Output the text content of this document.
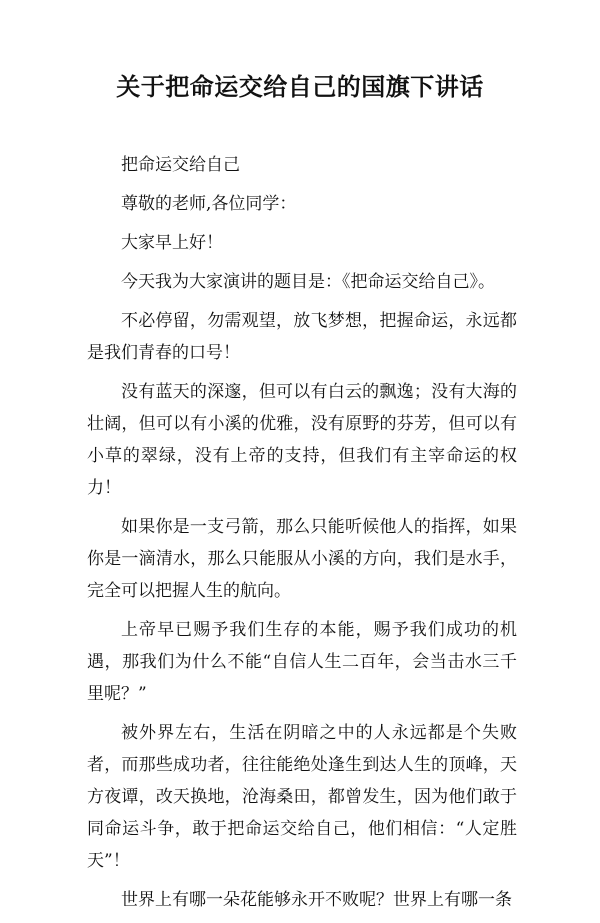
关于把命运交给自己的国旗下讲话

把命运交给自己

尊敬的老师,各位同学：

大家早上好！

今天我为大家演讲的题目是：《把命运交给自己》。

不必停留，勿需观望，放飞梦想，把握命运，永远都是我们青春的口号！

没有蓝天的深邃，但可以有白云的飘逸；没有大海的壮阔，但可以有小溪的优雅，没有原野的芬芳，但可以有小草的翠绿，没有上帝的支持，但我们有主宰命运的权力！

如果你是一支弓箭，那么只能听候他人的指挥，如果你是一滴清水，那么只能服从小溪的方向，我们是水手，完全可以把握人生的航向。

上帝早已赐予我们生存的本能，赐予我们成功的机遇，那我们为什么不能“自信人生二百年，会当击水三千里呢？”

被外界左右，生活在阴暗之中的人永远都是个失败者，而那些成功者，往往能绝处逢生到达人生的顶峰，天方夜谭，改天换地，沧海桑田，都曾发生，因为他们敢于同命运斗争，敢于把命运交给自己，他们相信：“人定胜天”！

世界上有哪一朵花能够永开不败呢？世界上有哪一条
